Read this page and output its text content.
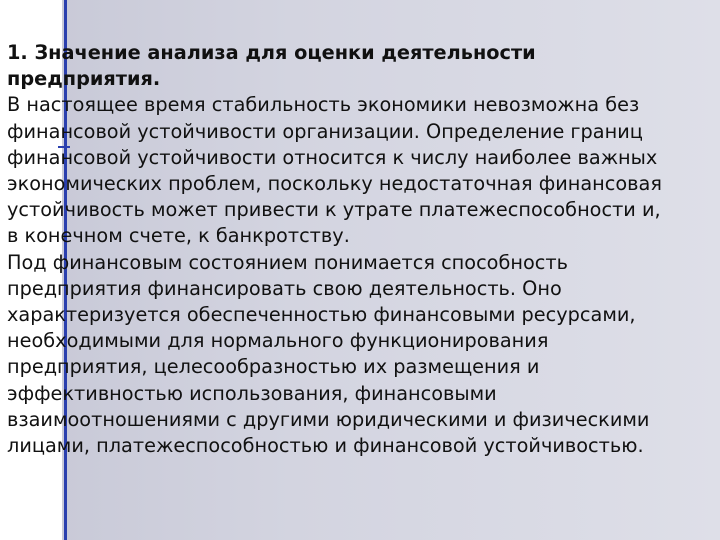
1. Значение анализа для оценки деятельности
предприятия.
В настоящее время стабильность экономики невозможна без
финансовой устойчивости организации. Определение границ
финансовой устойчивости относится к числу наиболее важных
экономических проблем, поскольку недостаточная финансовая
устойчивость может привести к утрате платежеспособности и,
в конечном счете, к банкротству.
Под финансовым состоянием понимается способность
предприятия финансировать свою деятельность. Оно
характеризуется обеспеченностью финансовыми ресурсами,
необходимыми для нормального функционирования
предприятия, целесообразностью их размещения и
эффективностью использования, финансовыми
взаимоотношениями с другими юридическими и физическими
лицами, платежеспособностью и финансовой устойчивостью.
